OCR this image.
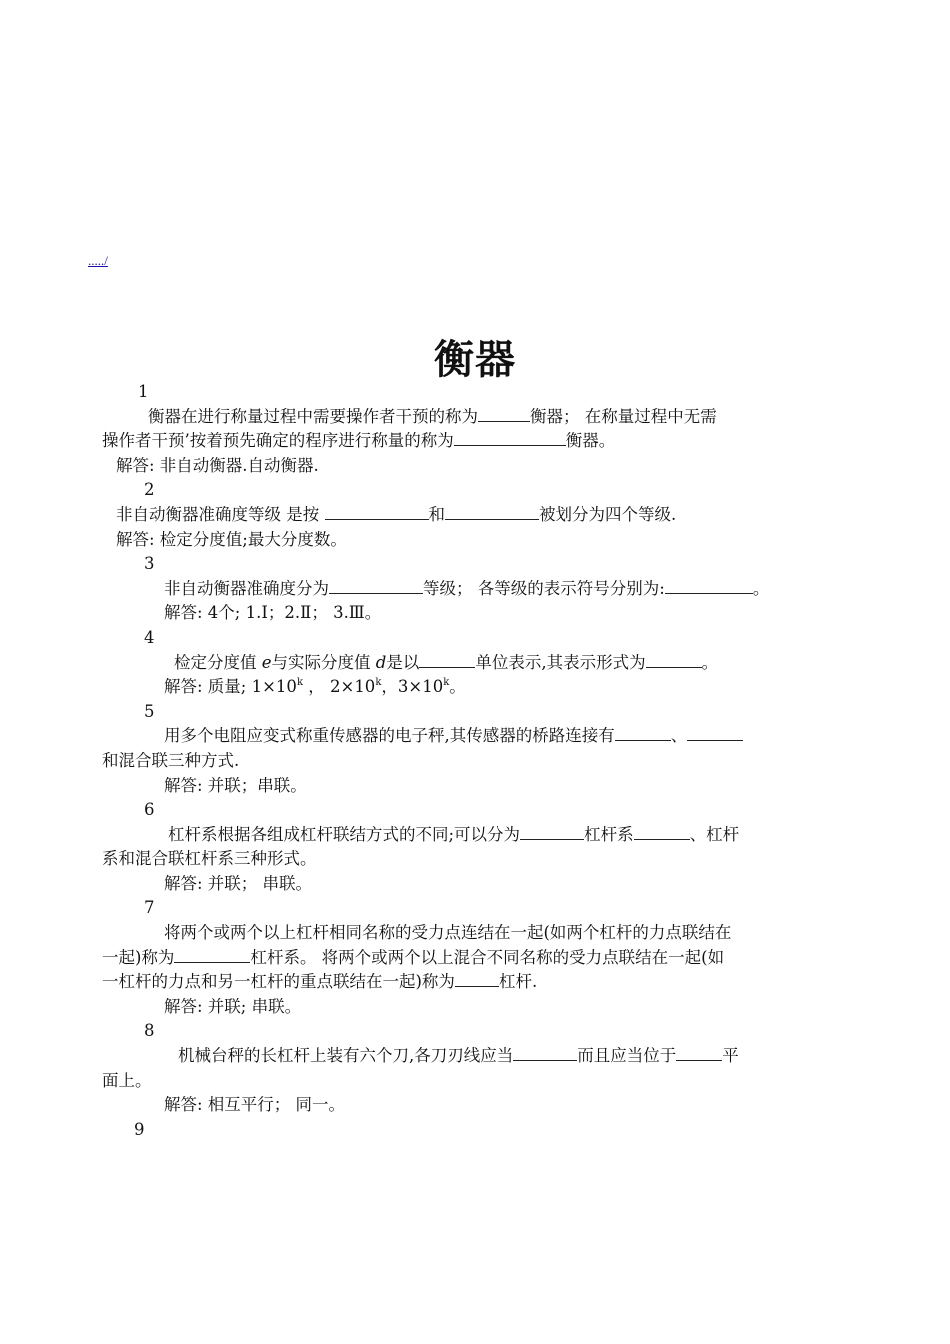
...../
衡器
1
衡器在进行称量过程中需要操作者干预的称为	衡器； 在称量过程中无需
操作者干预’按着预先确定的程序进行称量的称为	衡器。
解答: 非自动衡器.自动衡器.
2
非自动衡器准确度等级 是按	和	被划分为四个等级.
解答: 检定分度值;最大分度数。
3
非自动衡器准确度分为	等级； 各等级的表示符号分别为:	。
解答: 4个; 1.Ⅰ；2.Ⅱ； 3.Ⅲ。
4
检定分度值 e与实际分度值 d是以	单位表示,其表示形式为	。
解答: 质量; $1\times 10^k$ ， $2\times 10^k$，$3\times 10^k$。
5
用多个电阻应变式称重传感器的电子秤,其传感器的桥路连接有	、
和混合联三种方式.
解答: 并联；串联。
6
杠杆系根据各组成杠杆联结方式的不同;可以分为	杠杆系	、杠杆
系和混合联杠杆系三种形式。
解答: 并联； 串联。
7
将两个或两个以上杠杆相同名称的受力点连结在一起(如两个杠杆的力点联结在
一起)称为	杠杆系。 将两个或两个以上混合不同名称的受力点联结在一起(如
一杠杆的力点和另一杠杆的重点联结在一起)称为	杠杆.
解答: 并联; 串联。
8
机械台秤的长杠杆上装有六个刀,各刀刃线应当	而且应当位于	平
面上。
解答: 相互平行； 同一。
9
